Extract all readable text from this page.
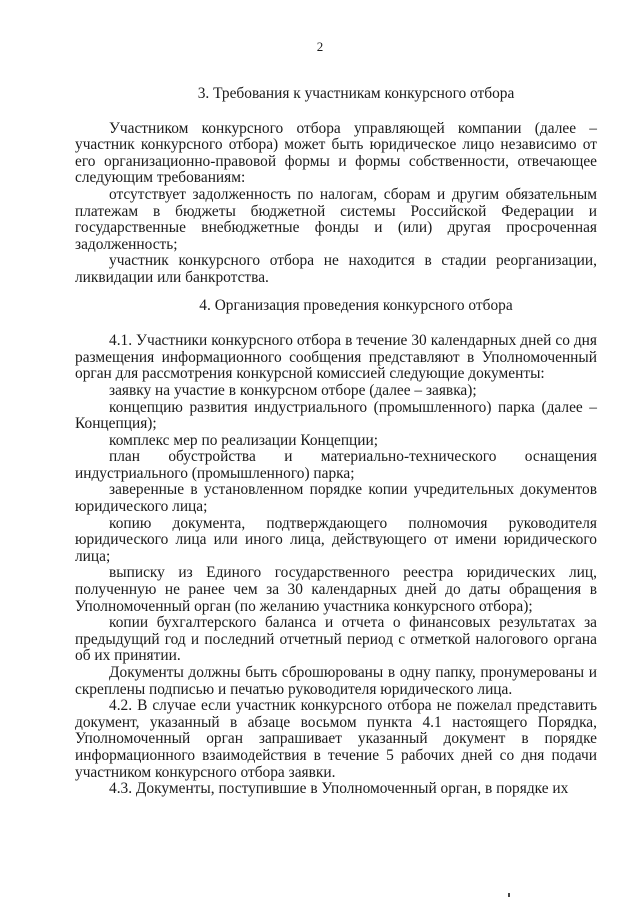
2
3. Требования к участникам конкурсного отбора

Участником конкурсного отбора управляющей компании (далее – участник конкурсного отбора) может быть юридическое лицо независимо от его организационно-правовой формы и формы собственности, отвечающее следующим требованиям:

отсутствует задолженность по налогам, сборам и другим обязательным платежам в бюджеты бюджетной системы Российской Федерации и государственные внебюджетные фонды и (или) другая просроченная задолженность;

участник конкурсного отбора не находится в стадии реорганизации, ликвидации или банкротства.

4. Организация проведения конкурсного отбора

4.1. Участники конкурсного отбора в течение 30 календарных дней со дня размещения информационного сообщения представляют в Уполномоченный орган для рассмотрения конкурсной комиссией следующие документы:

заявку на участие в конкурсном отборе (далее – заявка);

концепцию развития индустриального (промышленного) парка (далее – Концепция);

комплекс мер по реализации Концепции;

план обустройства и материально-технического оснащения индустриального (промышленного) парка;

заверенные в установленном порядке копии учредительных документов юридического лица;

копию документа, подтверждающего полномочия руководителя юридического лица или иного лица, действующего от имени юридического лица;

выписку из Единого государственного реестра юридических лиц, полученную не ранее чем за 30 календарных дней до даты обращения в Уполномоченный орган (по желанию участника конкурсного отбора);

копии бухгалтерского баланса и отчета о финансовых результатах за предыдущий год и последний отчетный период с отметкой налогового органа об их принятии.

Документы должны быть сброшюрованы в одну папку, пронумерованы и скреплены подписью и печатью руководителя юридического лица.

4.2. В случае если участник конкурсного отбора не пожелал представить документ, указанный в абзаце восьмом пункта 4.1 настоящего Порядка, Уполномоченный орган запрашивает указанный документ в порядке информационного взаимодействия в течение 5 рабочих дней со дня подачи участником конкурсного отбора заявки.

4.3. Документы, поступившие в Уполномоченный орган, в порядке их
